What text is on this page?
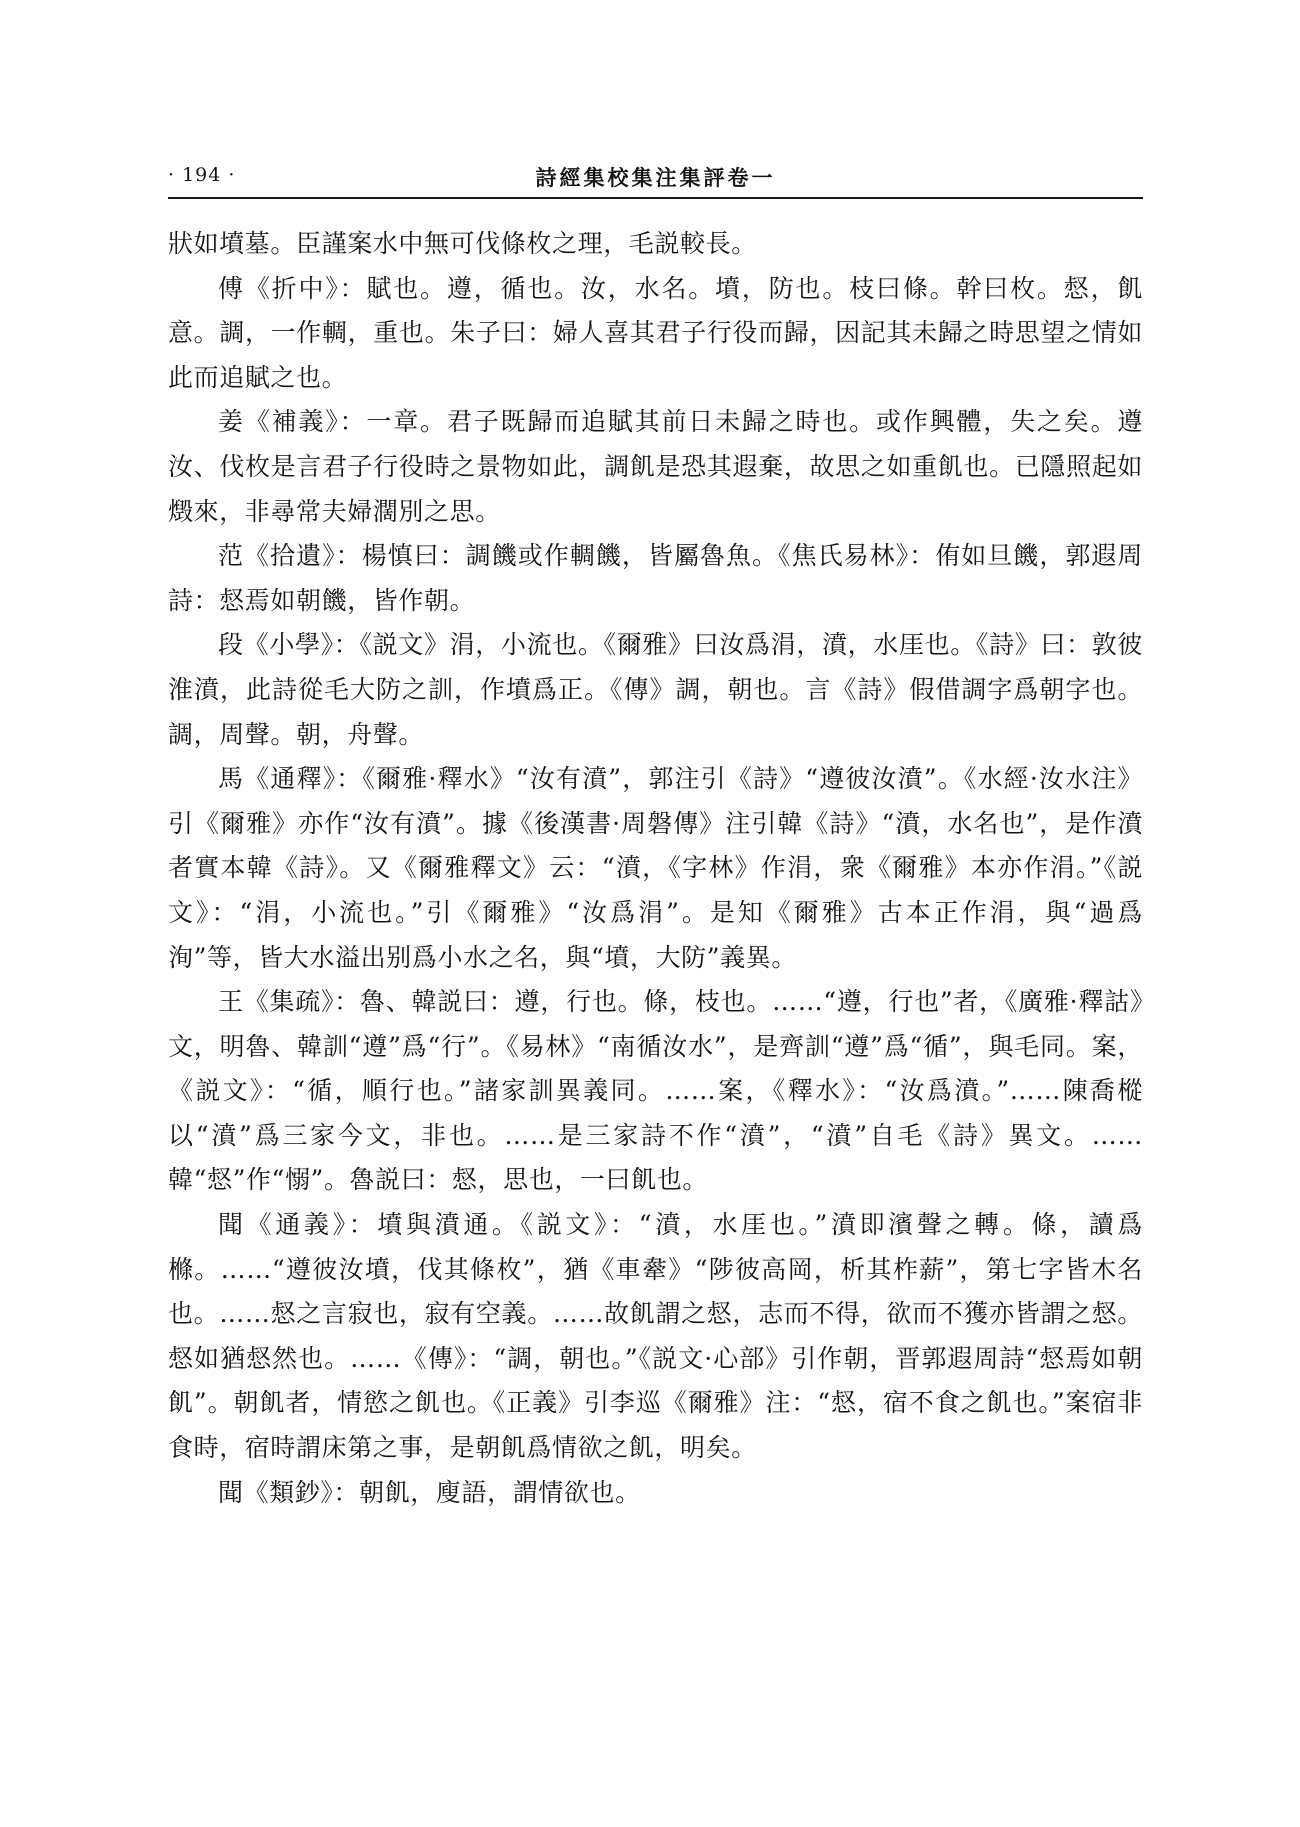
· 194 ·	詩經集校集注集評卷一

狀如墳墓。臣謹案水中無可伐條枚之理，毛説較長。

傅《折中》：賦也。遵，循也。汝，水名。墳，防也。枝曰條。幹曰枚。惄，飢意。調，一作輖，重也。朱子曰：婦人喜其君子行役而歸，因記其未歸之時思望之情如此而追賦之也。

姜《補義》：一章。君子既歸而追賦其前日未歸之時也。或作興體，失之矣。遵汝、伐枚是言君子行役時之景物如此，調飢是恐其遐棄，故思之如重飢也。已隱照起如燬來，非尋常夫婦濶別之思。

范《拾遺》：楊慎曰：調饑或作輖饑，皆屬魯魚。《焦氏易林》：侑如旦饑，郭遐周詩：惄焉如朝饑，皆作朝。

段《小學》：《説文》涓，小流也。《爾雅》曰汝爲涓，濆，水厓也。《詩》曰：敦彼淮濆，此詩從毛大防之訓，作墳爲正。《傳》調，朝也。言《詩》假借調字爲朝字也。調，周聲。朝，舟聲。

馬《通釋》：《爾雅·釋水》“汝有濆”，郭注引《詩》“遵彼汝濆”。《水經·汝水注》引《爾雅》亦作“汝有濆”。據《後漢書·周磐傳》注引韓《詩》“濆，水名也”，是作濆者實本韓《詩》。又《爾雅釋文》云：“濆，《字林》作涓，衆《爾雅》本亦作涓。”《説文》：“涓，小流也。”引《爾雅》“汝爲涓”。是知《爾雅》古本正作涓，與“過爲洵”等，皆大水溢出别爲小水之名，與“墳，大防”義異。

王《集疏》：魯、韓説曰：遵，行也。條，枝也。……“遵，行也”者，《廣雅·釋詁》文，明魯、韓訓“遵”爲“行”。《易林》“南循汝水”，是齊訓“遵”爲“循”，與毛同。案，《説文》：“循，順行也。”諸家訓異義同。……案，《釋水》：“汝爲濆。”……陳喬樅以“濆”爲三家今文，非也。……是三家詩不作“濆”，“濆”自毛《詩》異文。……韓“惄”作“愵”。魯説曰：惄，思也，一曰飢也。

聞《通義》：墳與濆通。《説文》：“濆，水厓也。”濆即濱聲之轉。條，讀爲樤。……“遵彼汝墳，伐其條枚”，猶《車舝》“陟彼高岡，析其柞薪”，第七字皆木名也。……惄之言寂也，寂有空義。……故飢謂之惄，志而不得，欲而不獲亦皆謂之惄。惄如猶惄然也。……《傳》：“調，朝也。”《説文·心部》引作朝，晋郭遐周詩“惄焉如朝飢”。朝飢者，情慾之飢也。《正義》引李巡《爾雅》注：“惄，宿不食之飢也。”案宿非食時，宿時謂床第之事，是朝飢爲情欲之飢，明矣。

聞《類鈔》：朝飢，廋語，謂情欲也。
